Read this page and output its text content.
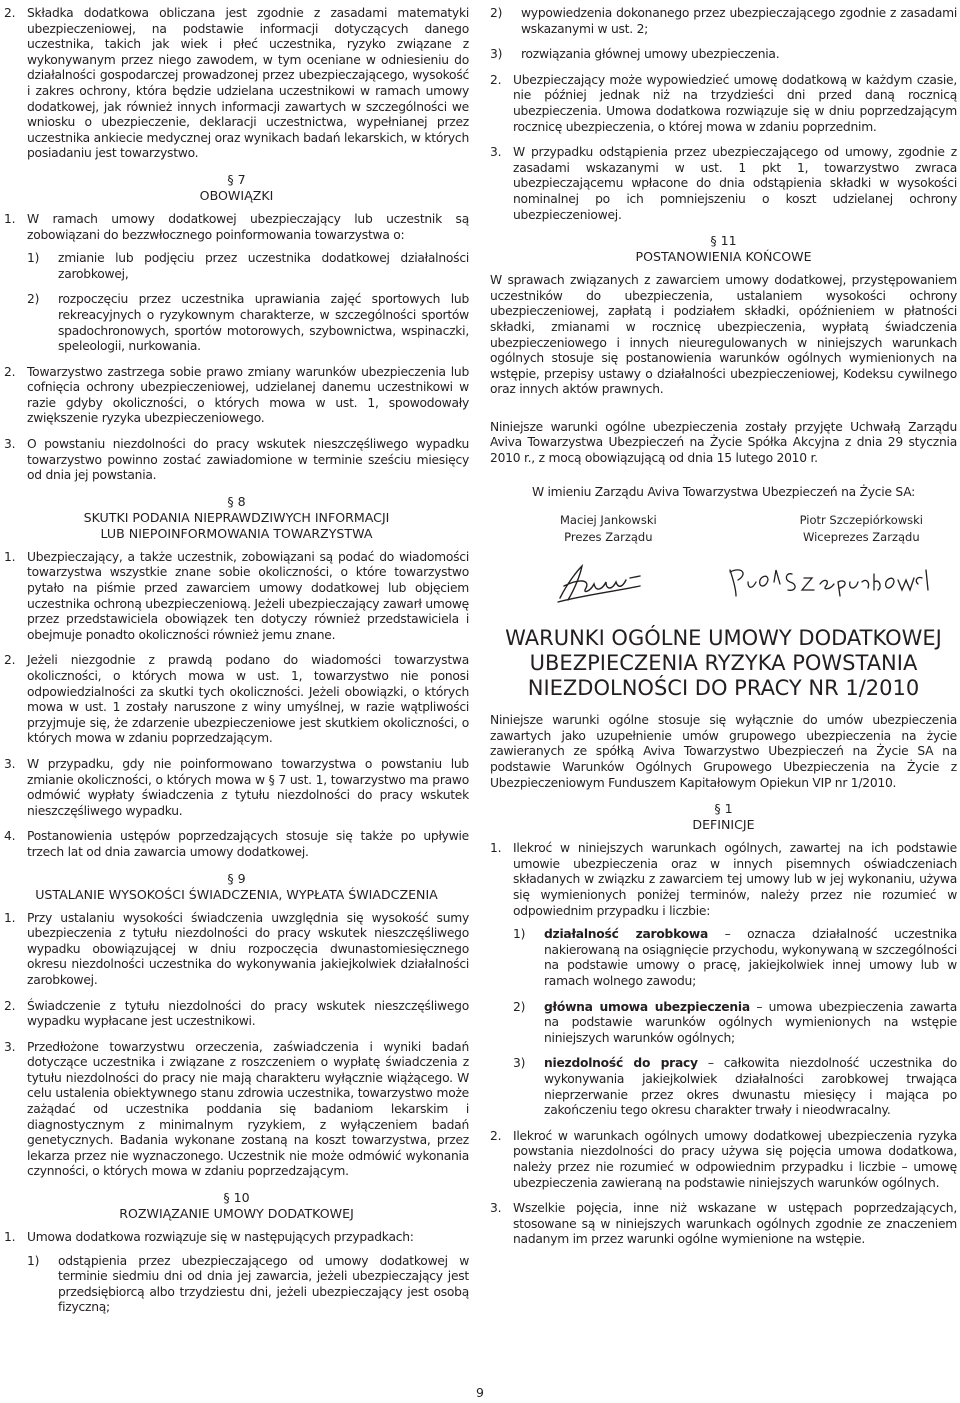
2. Składka dodatkowa obliczana jest zgodnie z zasadami matematyki ubezpieczeniowej, na podstawie informacji dotyczących danego uczestnika, takich jak wiek i płeć uczestnika, ryzyko związane z wykonywanym przez niego zawodem, w tym oceniane w odniesieniu do działalności gospodarczej prowadzonej przez ubezpieczającego, wysokość i zakres ochrony, która będzie udzielana uczestnikowi w ramach umowy dodatkowej, jak również innych informacji zawartych w szczególności we wniosku o ubezpieczenie, deklaracji uczestnictwa, wypełnianej przez uczestnika ankiecie medycznej oraz wynikach badań lekarskich, w których posiadaniu jest towarzystwo.
§ 7
OBOWIĄZKI
1. W ramach umowy dodatkowej ubezpieczający lub uczestnik są zobowiązani do bezzwłocznego poinformowania towarzystwa o:
1)	zmianie lub podjęciu przez uczestnika dodatkowej działalności zarobkowej,
2)	rozpoczęciu przez uczestnika uprawiania zajęć sportowych lub rekreacyjnych o ryzykownym charakterze, w szczególności sportów spadochronowych, sportów motorowych, szybownictwa, wspinaczki, speleologii, nurkowania.
2. Towarzystwo zastrzega sobie prawo zmiany warunków ubezpieczenia lub cofnięcia ochrony ubezpieczeniowej, udzielanej danemu uczestnikowi w razie gdyby okoliczności, o których mowa w ust. 1, spowodowały zwiększenie ryzyka ubezpieczeniowego.
3. O powstaniu niezdolności do pracy wskutek nieszczęśliwego wypadku towarzystwo powinno zostać zawiadomione w terminie sześciu miesięcy od dnia jej powstania.
§ 8
SKUTKI PODANIA NIEPRAWDZIWYCH INFORMACJI
LUB NIEPOINFORMOWANIA TOWARZYSTWA
1. Ubezpieczający, a także uczestnik, zobowiązani są podać do wiadomości towarzystwa wszystkie znane sobie okoliczności, o które towarzystwo pytało na piśmie przed zawarciem umowy dodatkowej lub objęciem uczestnika ochroną ubezpieczeniową. Jeżeli ubezpieczający zawarł umowę przez przedstawiciela obowiązek ten dotyczy również przedstawiciela i obejmuje ponadto okoliczności również jemu znane.
2. Jeżeli niezgodnie z prawdą podano do wiadomości towarzystwa okoliczności, o których mowa w ust. 1, towarzystwo nie ponosi odpowiedzialności za skutki tych okoliczności. Jeżeli obowiązki, o których mowa w ust. 1 zostały naruszone z winy umyślnej, w razie wątpliwości przyjmuje się, że zdarzenie ubezpieczeniowe jest skutkiem okoliczności, o których mowa w zdaniu poprzedzającym.
3. W przypadku, gdy nie poinformowano towarzystwa o powstaniu lub zmianie okoliczności, o których mowa w § 7 ust. 1, towarzystwo ma prawo odmówić wypłaty świadczenia z tytułu niezdolności do pracy wskutek nieszczęśliwego wypadku.
4. Postanowienia ustępów poprzedzających stosuje się także po upływie trzech lat od dnia zawarcia umowy dodatkowej.
§ 9
USTALANIE WYSOKOŚCI ŚWIADCZENIA, WYPŁATA ŚWIADCZENIA
1. Przy ustalaniu wysokości świadczenia uwzględnia się wysokość sumy ubezpieczenia z tytułu niezdolności do pracy wskutek nieszczęśliwego wypadku obowiązującej w dniu rozpoczęcia dwunastomiesięcznego okresu niezdolności uczestnika do wykonywania jakiejkolwiek działalności zarobkowej.
2. Świadczenie z tytułu niezdolności do pracy wskutek nieszczęśliwego wypadku wypłacane jest uczestnikowi.
3. Przedłożone towarzystwu orzeczenia, zaświadczenia i wyniki badań dotyczące uczestnika i związane z roszczeniem o wypłatę świadczenia z tytułu niezdolności do pracy nie mają charakteru wyłącznie wiążącego. W celu ustalenia obiektywnego stanu zdrowia uczestnika, towarzystwo może zażądać od uczestnika poddania się badaniom lekarskim i diagnostycznym z minimalnym ryzykiem, z wyłączeniem badań genetycznych. Badania wykonane zostaną na koszt towarzystwa, przez lekarza przez nie wyznaczonego. Uczestnik nie może odmówić wykonania czynności, o których mowa w zdaniu poprzedzającym.
§ 10
ROZWIĄZANIE UMOWY DODATKOWEJ
1. Umowa dodatkowa rozwiązuje się w następujących przypadkach:
1)	odstąpienia przez ubezpieczającego od umowy dodatkowej w terminie siedmiu dni od dnia jej zawarcia, jeżeli ubezpieczający jest przedsiębiorcą albo trzydziestu dni, jeżeli ubezpieczający jest osobą fizyczną;
2)	wypowiedzenia dokonanego przez ubezpieczającego zgodnie z zasadami wskazanymi w ust. 2;
3)	rozwiązania głównej umowy ubezpieczenia.
2. Ubezpieczający może wypowiedzieć umowę dodatkową w każdym czasie, nie później jednak niż na trzydzieści dni przed daną rocznicą ubezpieczenia. Umowa dodatkowa rozwiązuje się w dniu poprzedzającym rocznicę ubezpieczenia, o której mowa w zdaniu poprzednim.
3. W przypadku odstąpienia przez ubezpieczającego od umowy, zgodnie z zasadami wskazanymi w ust. 1 pkt 1, towarzystwo zwraca ubezpieczającemu wpłacone do dnia odstąpienia składki w wysokości nominalnej po ich pomniejszeniu o koszt udzielanej ochrony ubezpieczeniowej.
§ 11
POSTANOWIENIA KOŃCOWE

W sprawach związanych z zawarciem umowy dodatkowej, przystępowaniem uczestników do ubezpieczenia, ustalaniem wysokości ochrony ubezpieczeniowej, zapłatą i podziałem składki, opóźnieniem w płatności składki, zmianami w rocznicę ubezpieczenia, wypłatą świadczenia ubezpieczeniowego i innych nieuregulowanych w niniejszych warunkach ogólnych stosuje się postanowienia warunków ogólnych wymienionych na wstępie, przepisy ustawy o działalności ubezpieczeniowej, Kodeksu cywilnego oraz innych aktów prawnych.

Niniejsze warunki ogólne ubezpieczenia zostały przyjęte Uchwałą Zarządu Aviva Towarzystwa Ubezpieczeń na Życie Spółka Akcyjna z dnia 29 stycznia 2010 r., z mocą obowiązującą od dnia 15 lutego 2010 r.

W imieniu Zarządu Aviva Towarzystwa Ubezpieczeń na Życie SA:

Maciej Jankowski
Prezes Zarządu
Piotr Szczepiórkowski
Wiceprezes Zarządu
WARUNKI OGÓLNE UMOWY DODATKOWEJ
UBEZPIECZENIA RYZYKA POWSTANIA
NIEZDOLNOŚCI DO PRACY NR 1/2010

Niniejsze warunki ogólne stosuje się wyłącznie do umów ubezpieczenia zawartych jako uzupełnienie umów grupowego ubezpieczenia na życie zawieranych ze spółką Aviva Towarzystwo Ubezpieczeń na Życie SA na podstawie Warunków Ogólnych Grupowego Ubezpieczenia na Życie z Ubezpieczeniowym Funduszem Kapitałowym Opiekun VIP nr 1/2010.

§ 1
DEFINICJE
1. Ilekroć w niniejszych warunkach ogólnych, zawartej na ich podstawie umowie ubezpieczenia oraz w innych pisemnych oświadczeniach składanych w związku z zawarciem tej umowy lub w jej wykonaniu, używa się wymienionych poniżej terminów, należy przez nie rozumieć w odpowiednim przypadku i liczbie:
1)	działalność zarobkowa – oznacza działalność uczestnika nakierowaną na osiągnięcie przychodu, wykonywaną w szczególności na podstawie umowy o pracę, jakiejkolwiek innej umowy lub w ramach wolnego zawodu;
2)	główna umowa ubezpieczenia – umowa ubezpieczenia zawarta na podstawie warunków ogólnych wymienionych na wstępie niniejszych warunków ogólnych;
3)	niezdolność do pracy – całkowita niezdolność uczestnika do wykonywania jakiejkolwiek działalności zarobkowej trwająca nieprzerwanie przez okres dwunastu miesięcy i mająca po zakończeniu tego okresu charakter trwały i nieodwracalny.
2. Ilekroć w warunkach ogólnych umowy dodatkowej ubezpieczenia ryzyka powstania niezdolności do pracy używa się pojęcia umowa dodatkowa, należy przez nie rozumieć w odpowiednim przypadku i liczbie – umowę ubezpieczenia zawieraną na podstawie niniejszych warunków ogólnych.
3. Wszelkie pojęcia, inne niż wskazane w ustępach poprzedzających, stosowane są w niniejszych warunkach ogólnych zgodnie ze znaczeniem nadanym im przez warunki ogólne wymienione na wstępie.
9
